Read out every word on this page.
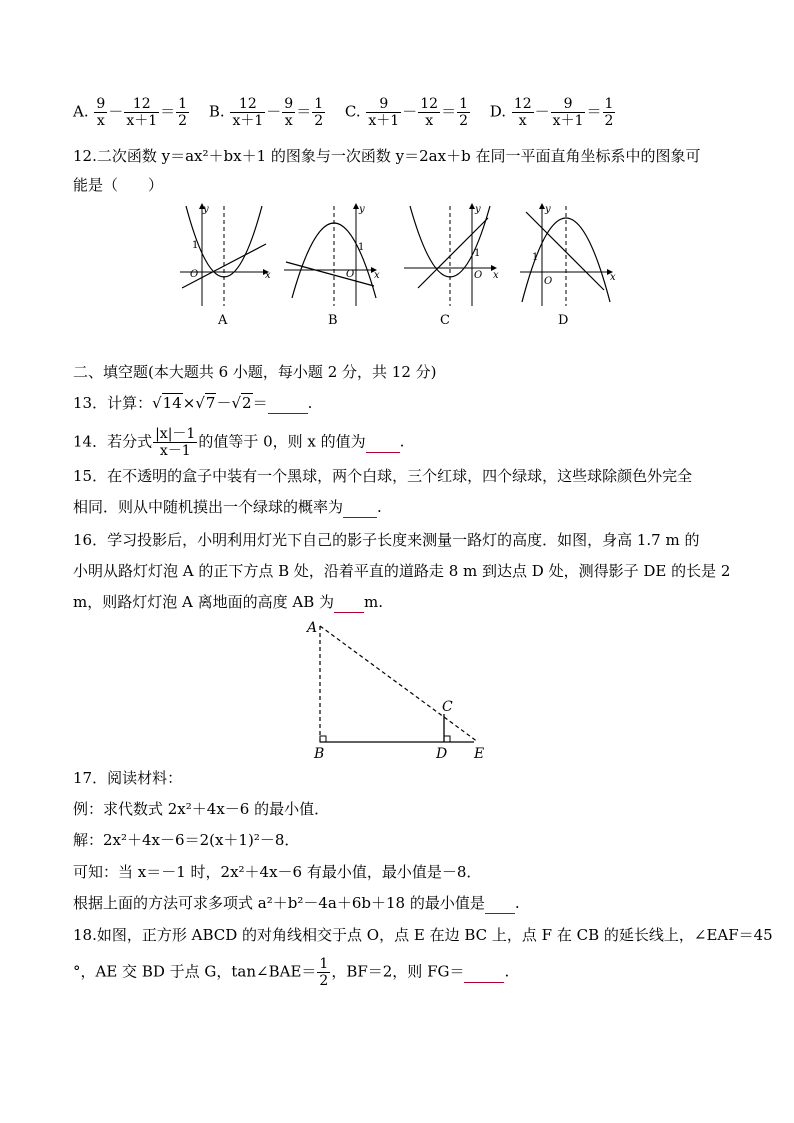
A. $\frac{9}{x} - \frac{12}{x+1} = \frac{1}{2} B$. $\frac{12}{x+1} - \frac{9}{x} = \frac{1}{2} C$. $\frac{9}{x+1} - \frac{12}{x} = \frac{1}{2} D$. $\frac{12}{x} - \frac{9}{x+1} = \frac{1}{2}$
12.二次函数 y＝ax²＋bx＋1 的图象与一次函数 y＝2ax＋b 在同一平面直角坐标系中的图象可
能是（　　）
y
x
O
1
A
y
x
O
1
B
y
x
O
1
C
y
x
O
1
D
二、填空题(本大题共 6 小题，每小题 2 分，共 12 分)
13．计算：√14×√7－√2＝	.
14．若分式 $\frac{|x|-1}{x-1}$ 的值等于 0，则 x 的值为 .
15．在不透明的盒子中装有一个黑球，两个白球，三个红球，四个绿球，这些球除颜色外完全
相同．则从中随机摸出一个绿球的概率为 .
16．学习投影后，小明利用灯光下自己的影子长度来测量一路灯的高度．如图，身高 1.7 m 的
小明从路灯灯泡 A 的正下方点 B 处，沿着平直的道路走 8 m 到达点 D 处，测得影子 DE 的长是 2
m，则路灯灯泡 A 离地面的高度 AB 为 m.
A
B
C
D E
17．阅读材料：
例：求代数式 2x²＋4x－6 的最小值．
解：2x²＋4x－6＝2(x＋1)²－8．
可知：当 x＝－1 时，2x²＋4x－6 有最小值，最小值是－8．
根据上面的方法可求多项式 a²＋b²－4a＋6b＋18 的最小值是 .
18.如图，正方形 ABCD 的对角线相交于点 O，点 E 在边 BC 上，点 F 在 CB 的延长线上，∠EAF＝45
°，AE 交 BD 于点 G，tan∠BAE＝ $\frac{1}{2}$ ，BF＝2，则 FG＝	.
